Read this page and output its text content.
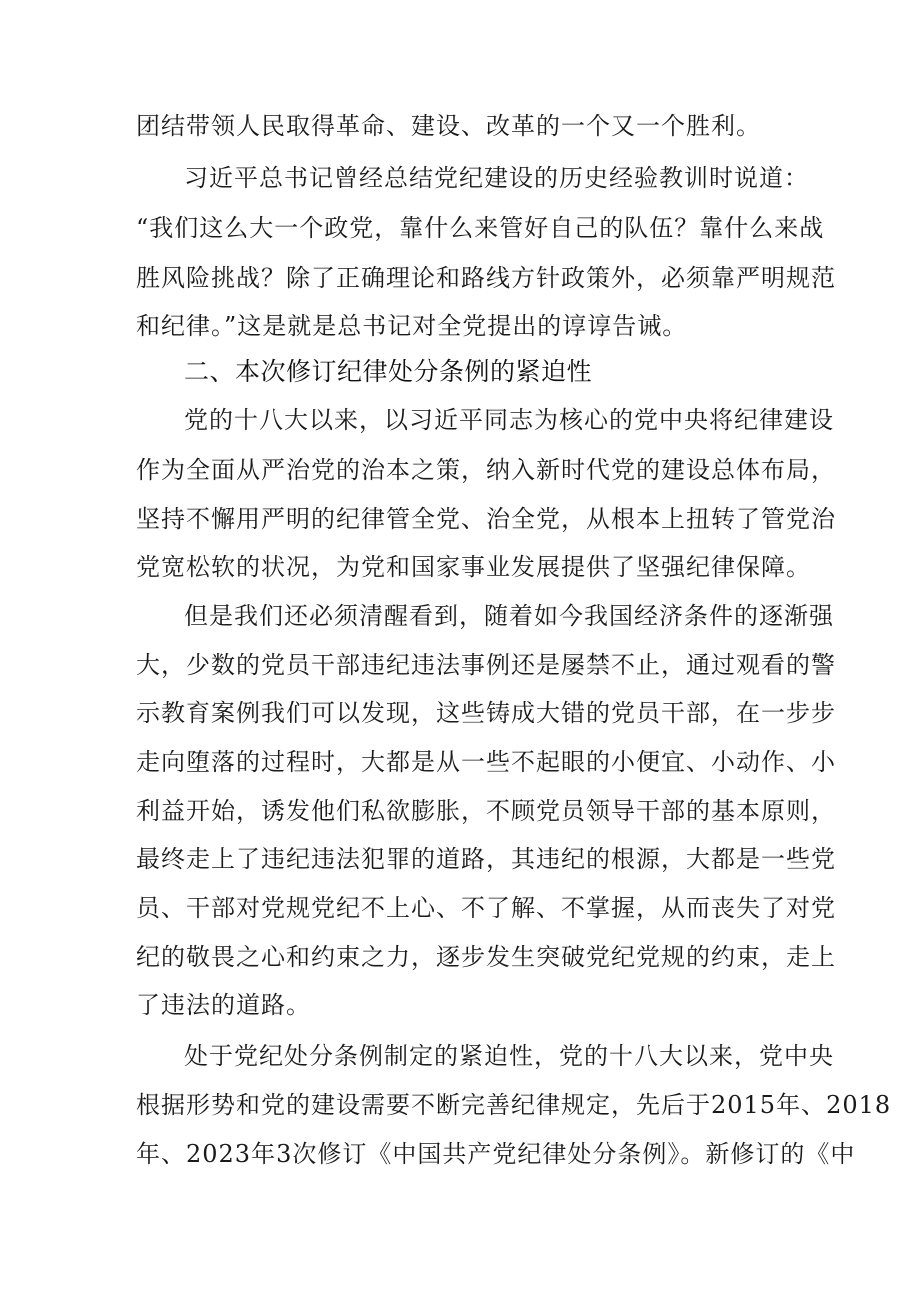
团结带领人民取得革命、建设、改革的一个又一个胜利。
习近平总书记曾经总结党纪建设的历史经验教训时说道：
“我们这么大一个政党，靠什么来管好自己的队伍？靠什么来战
胜风险挑战？除了正确理论和路线方针政策外，必须靠严明规范
和纪律。”这是就是总书记对全党提出的谆谆告诫。
二、本次修订纪律处分条例的紧迫性
党的十八大以来，以习近平同志为核心的党中央将纪律建设
作为全面从严治党的治本之策，纳入新时代党的建设总体布局，
坚持不懈用严明的纪律管全党、治全党，从根本上扭转了管党治
党宽松软的状况，为党和国家事业发展提供了坚强纪律保障。
但是我们还必须清醒看到，随着如今我国经济条件的逐渐强
大，少数的党员干部违纪违法事例还是屡禁不止，通过观看的警
示教育案例我们可以发现，这些铸成大错的党员干部，在一步步
走向堕落的过程时，大都是从一些不起眼的小便宜、小动作、小
利益开始，诱发他们私欲膨胀，不顾党员领导干部的基本原则，
最终走上了违纪违法犯罪的道路，其违纪的根源，大都是一些党
员、干部对党规党纪不上心、不了解、不掌握，从而丧失了对党
纪的敬畏之心和约束之力，逐步发生突破党纪党规的约束，走上
了违法的道路。
处于党纪处分条例制定的紧迫性，党的十八大以来，党中央
根据形势和党的建设需要不断完善纪律规定，先后于2015年、2018
年、2023年3次修订《中国共产党纪律处分条例》。新修订的《中
